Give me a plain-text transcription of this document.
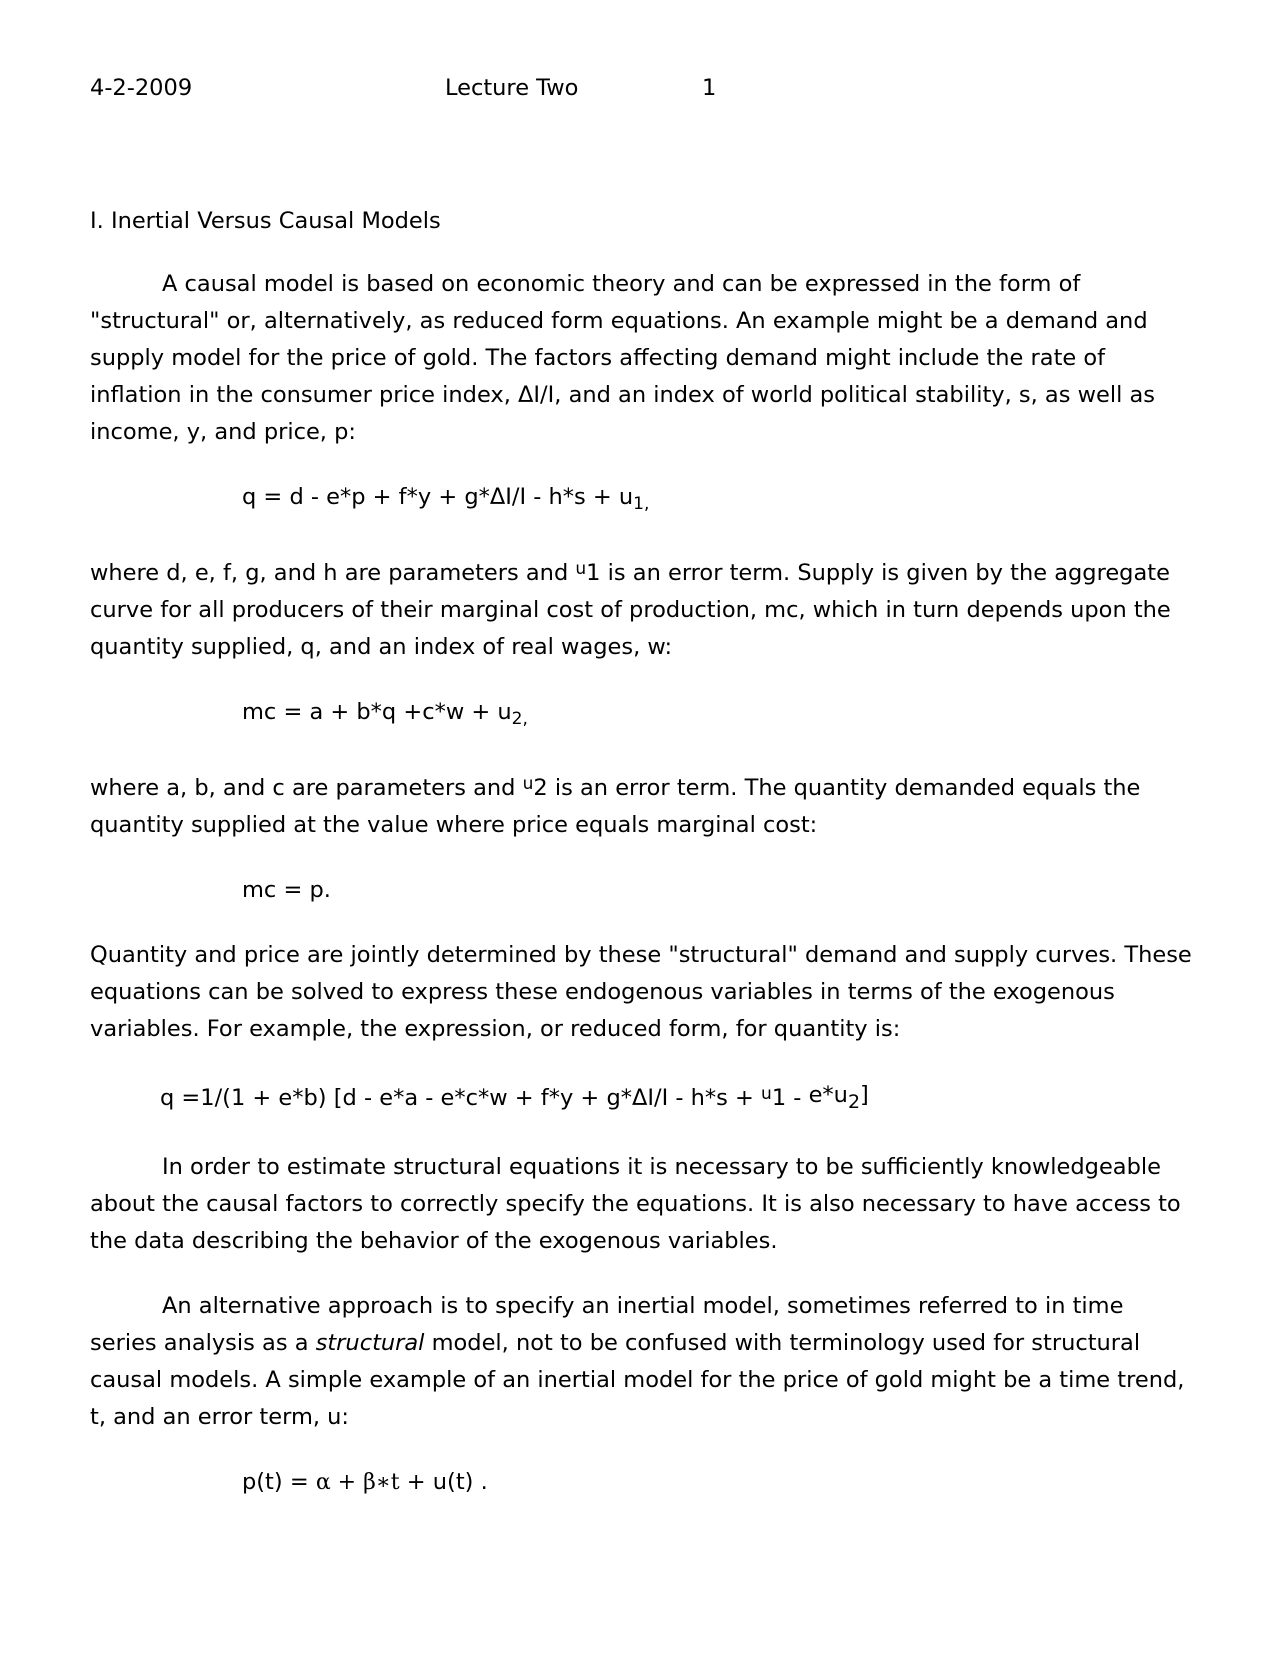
4-2-2009	Lecture Two	1
I. Inertial Versus Causal Models

A causal model is based on economic theory and can be expressed in the form of "structural" or, alternatively, as reduced form equations. An example might be a demand and supply model for the price of gold. The factors affecting demand might include the rate of inflation in the consumer price index, ΔI/I, and an index of world political stability, s, as well as income, y, and price, p:

$q = d - e*p + f*y + g*\Delta I/I - h*s + u_{1,}$

where d, e, f, g, and h are parameters and $^u$1 is an error term. Supply is given by the aggregate curve for all producers of their marginal cost of production, mc, which in turn depends upon the quantity supplied, q, and an index of real wages, w:

mc = $a + b*q +c*w + u_{2,}$

where a, b, and c are parameters and $^u$2 is an error term. The quantity demanded equals the quantity supplied at the value where price equals marginal cost:

mc = p.

Quantity and price are jointly determined by these "structural" demand and supply curves. These equations can be solved to express these endogenous variables in terms of the exogenous variables. For example, the expression, or reduced form, for quantity is:

q =1/(1 + e*b) [d - e*a - e*c*w + f*y + g*ΔI/I - h*s + $^u$1 - e*u2]

In order to estimate structural equations it is necessary to be sufficiently knowledgeable about the causal factors to correctly specify the equations. It is also necessary to have access to the data describing the behavior of the exogenous variables.

An alternative approach is to specify an inertial model, sometimes referred to in time series analysis as a structural model, not to be confused with terminology used for structural causal models. A simple example of an inertial model for the price of gold might be a time trend, t, and an error term, u:

p(t) = α + β∗t + u(t) .
